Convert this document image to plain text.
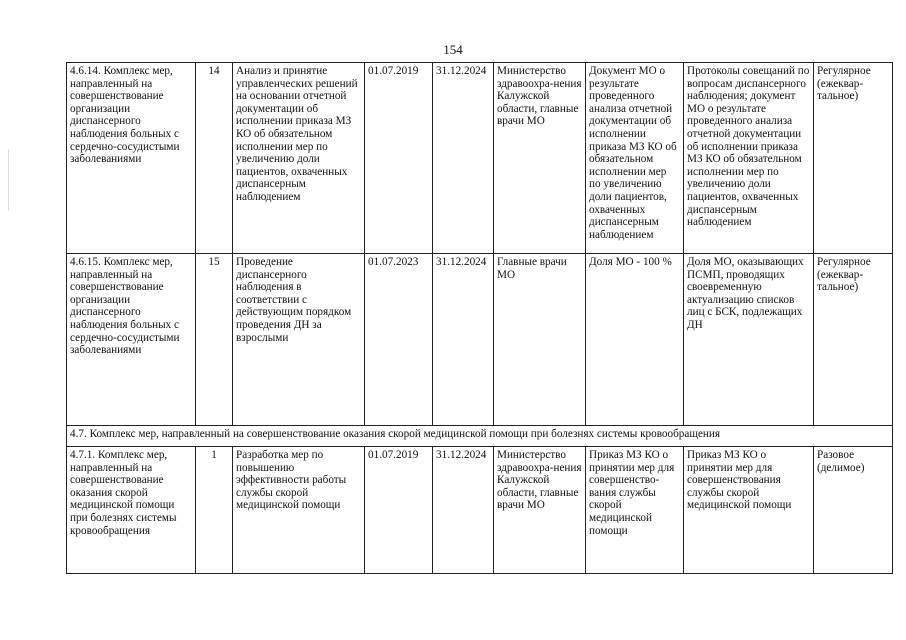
154
4.6.14. Комплекс мер, направленный на совершенствование организации диспансерного наблюдения больных с сердечно-сосудистыми заболеваниями	14	Анализ и принятие управленческих решений на основании отчетной документации об исполнении приказа МЗ КО об обязательном исполнении мер по увеличению доли пациентов, охваченных диспансерным наблюдением	01.07.2019	31.12.2024	Министерство здравоохра-нения Калужской области, главные врачи МО	Документ МО о результате проведенного анализа отчетной документации об исполнении приказа МЗ КО об обязательном исполнении мер по увеличению доли пациентов, охваченных диспансерным наблюдением	Протоколы совещаний по вопросам диспансерного наблюдения; документ МО о результате проведенного анализа отчетной документации об исполнении приказа МЗ КО об обязательном исполнении мер по увеличению доли пациентов, охваченных диспансерным наблюдением	Регулярное (ежеквар-тальное)
4.6.15. Комплекс мер, направленный на совершенствование организации диспансерного наблюдения больных с сердечно-сосудистыми заболеваниями	15	Проведение диспансерного наблюдения в соответствии с действующим порядком проведения ДН за взрослыми	01.07.2023	31.12.2024	Главные врачи МО	Доля МО - 100 %	Доля МО, оказывающих ПСМП, проводящих своевременную актуализацию списков лиц с БСК, подлежащих ДН	Регулярное (ежеквар-тальное)
4.7. Комплекс мер, направленный на совершенствование оказания скорой медицинской помощи при болезнях системы кровообращения								
4.7.1. Комплекс мер, направленный на совершенствование оказания скорой медицинской помощи при болезнях системы кровообращения	1	Разработка мер по повышению эффективности работы службы скорой медицинской помощи	01.07.2019	31.12.2024	Министерство здравоохра-нения Калужской области, главные врачи МО	Приказ МЗ КО о принятии мер для совершенство-вания службы скорой медицинской помощи	Приказ МЗ КО о принятии мер для совершенствования службы скорой медицинской помощи	Разовое (делимое)
